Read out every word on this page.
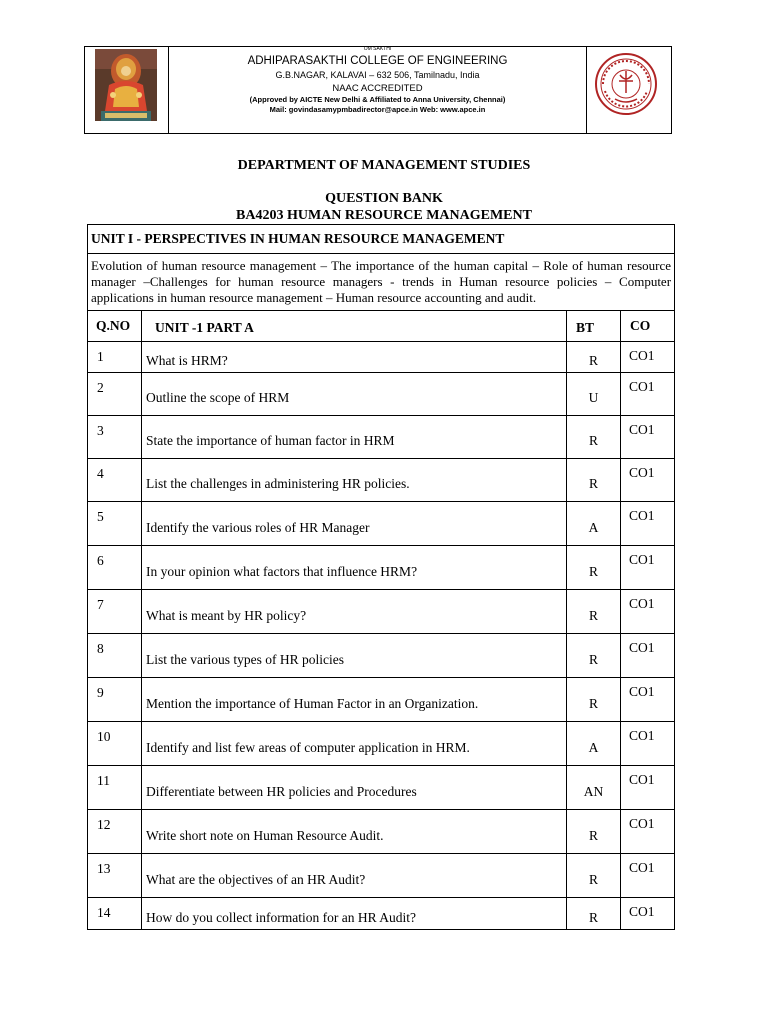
OM SAKTHI
ADHIPARASAKTHI COLLEGE OF ENGINEERING
G.B.NAGAR, KALAVAI – 632 506, Tamilnadu, India
NAAC ACCREDITED
(Approved by AICTE New Delhi & Affiliated to Anna University, Chennai)
Mail: govindasamypmbadirector@apce.in Web: www.apce.in
DEPARTMENT OF MANAGEMENT STUDIES
QUESTION BANK
BA4203 HUMAN RESOURCE MANAGEMENT
UNIT I - PERSPECTIVES IN HUMAN RESOURCE MANAGEMENT			
Evolution of human resource management – The importance of the human capital – Role of human resource manager –Challenges for human resource managers - trends in Human resource policies – Computer applications in human resource management – Human resource accounting and audit.			
Q.NO	UNIT -1 PART A	BT	CO
1	What is HRM?	R	CO1
2	Outline the scope of HRM	U	CO1
3	State the importance of human factor in HRM	R	CO1
4	List the challenges in administering HR policies.	R	CO1
5	Identify the various roles of HR Manager	A	CO1
6	In your opinion what factors that influence HRM?	R	CO1
7	What is meant by HR policy?	R	CO1
8	List the various types of HR policies	R	CO1
9	Mention the importance of Human Factor in an Organization.	R	CO1
10	Identify and list few areas of computer application in HRM.	A	CO1
11	Differentiate between HR policies and Procedures	AN	CO1
12	Write short note on Human Resource Audit.	R	CO1
13	What are the objectives of an HR Audit?	R	CO1
14	How do you collect information for an HR Audit?	R	CO1
